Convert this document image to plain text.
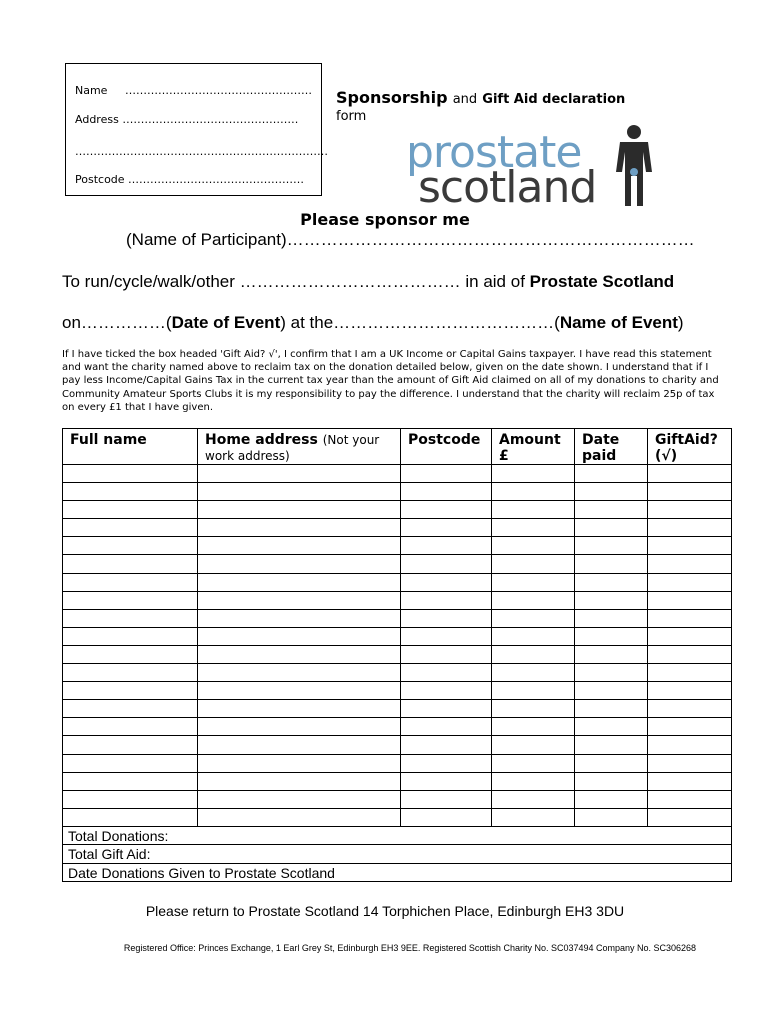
Name ……………………………………………
Address …………………………………………
……………………………………………………………
Postcode …………………………………………
Sponsorship and Gift Aid declaration
form
prostate
scotland
Please sponsor me
(Name of Participant)………………………………………………………………
To run/cycle/walk/other ………………………………… in aid of Prostate Scotland
on……………(Date of Event) at the…………………………………(Name of Event)
If I have ticked the box headed 'Gift Aid? √', I confirm that I am a UK Income or Capital Gains taxpayer. I have read this statement and want the charity named above to reclaim tax on the donation detailed below, given on the date shown. I understand that if I pay less Income/Capital Gains Tax in the current tax year than the amount of Gift Aid claimed on all of my donations to charity and Community Amateur Sports Clubs it is my responsibility to pay the difference. I understand that the charity will reclaim 25p of tax on every £1 that I have given.
Full name	Home address (Not your work address)	Postcode	Amount £	Date paid	GiftAid? (√)

Total Donations:					
Total Gift Aid:					
Date Donations Given to Prostate Scotland					
Please return to Prostate Scotland 14 Torphichen Place, Edinburgh EH3 3DU
Registered Office: Princes Exchange, 1 Earl Grey St, Edinburgh EH3 9EE. Registered Scottish Charity No. SC037494 Company No. SC306268
